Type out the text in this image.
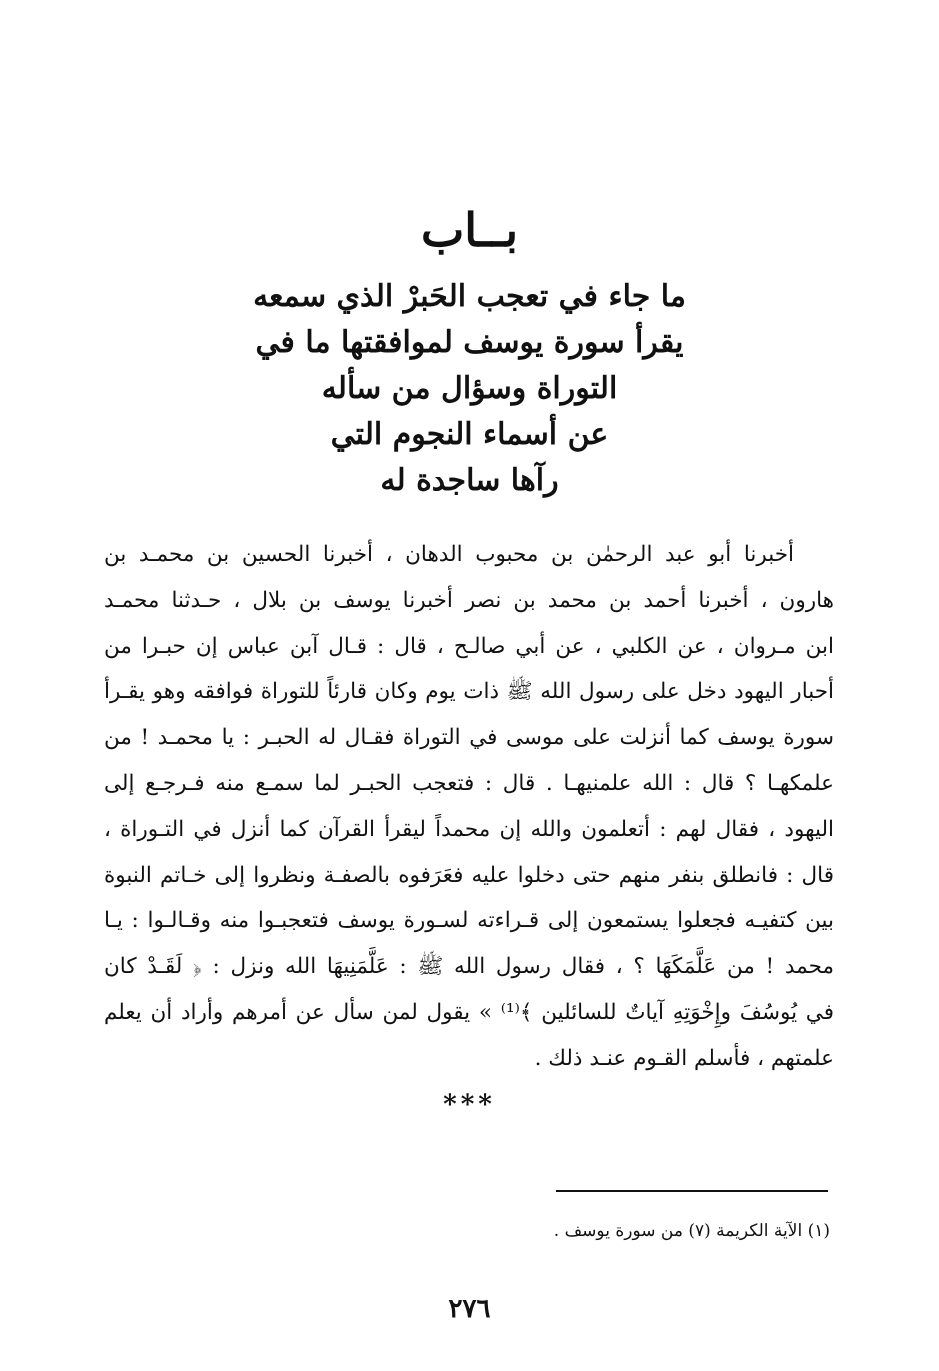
بــاب
ما جاء في تعجب الحَبرْ الذي سمعه
يقرأ سورة يوسف لموافقتها ما في
التوراة وسؤال من سأله
عن أسماء النجوم التي
رآها ساجدة له
أخبرنا أبو عبد الرحمٰن بن محبوب الدهان ، أخبرنا الحسين بن محمـد بن
هارون ، أخبرنا أحمد بن محمد بن نصر أخبرنا يوسف بن بلال ، حـدثنا محمـد
ابن مـروان ، عن الكلبي ، عن أبي صالـح ، قال : قـال آبن عباس إن حبـرا من
أحبار اليهود دخل على رسول الله ﷺ ذات يوم وكان قارئاً للتوراة فوافقه وهو يقـرأ
سورة يوسف كما أنزلت على موسى في التوراة فقـال له الحبـر : يا محمـد ! من
علمكهـا ؟ قال : الله علمنيهـا . قال : فتعجب الحبـر لما سمـع منه فـرجـع إلى
اليهود ، فقال لهم : أتعلمون والله إن محمداً ليقرأ القرآن كما أنزل في التـوراة ،
قال : فانطلق بنفر منهم حتى دخلوا عليه فعَرَفوه بالصفـة ونظروا إلى خـاتم النبوة
بين كتفيـه فجعلوا يستمعون إلى قـراءته لسـورة يوسف فتعجبـوا منه وقـالـوا : يـا
محمد ! من عَلَّمَكَهَا ؟ ، فقال رسول الله ﷺ : عَلَّمَنِيهَا الله ونزل : ﴿ لَقَـدْ كان
في يُوسُفَ وإِخْوَتِهِ آياتٌ للسائلين ﴾⁽¹⁾ » يقول لمن سأل عن أمرهم وأراد أن يعلم
علمتهم ، فأسلم القـوم عنـد ذلك .
***
(١) الآية الكريمة (٧) من سورة يوسف .
٢٧٦
